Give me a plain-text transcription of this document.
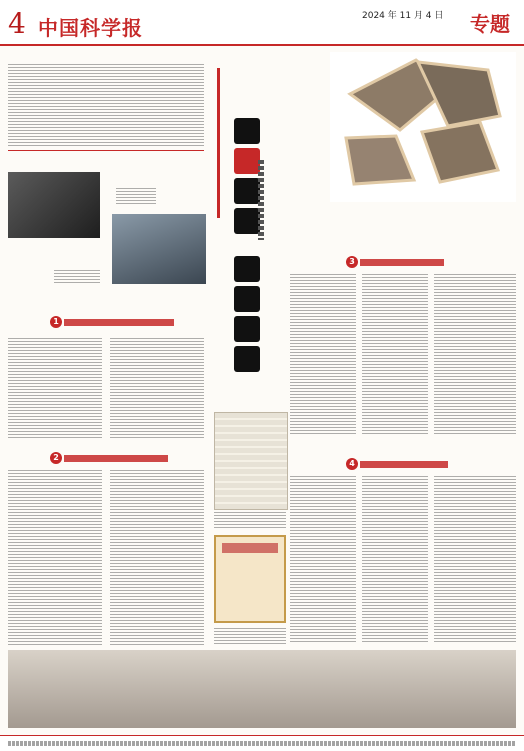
4 中国科学报	2024 年 11 月 4 日 专题
1
2
3
4
